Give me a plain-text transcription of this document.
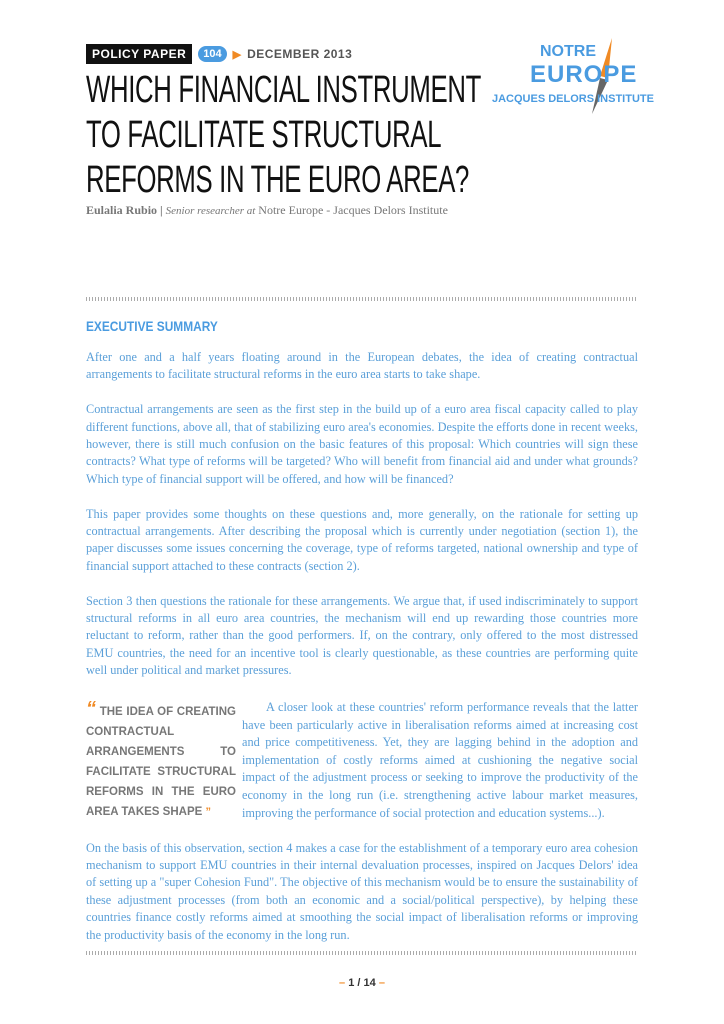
POLICY PAPER	104	▶ DECEMBER 2013
WHICH FINANCIAL INSTRUMENT
TO FACILITATE STRUCTURAL
REFORMS IN THE EURO AREA?
NOTRE
EUROPE
JACQUES DELORS INSTITUTE
Eulalia Rubio | Senior researcher at Notre Europe - Jacques Delors Institute
EXECUTIVE SUMMARY

After one and a half years floating around in the European debates, the idea of creating contractual arrangements to facilitate structural reforms in the euro area starts to take shape.

Contractual arrangements are seen as the first step in the build up of a euro area fiscal capacity called to play different functions, above all, that of stabilizing euro area's economies. Despite the efforts done in recent weeks, however, there is still much confusion on the basic features of this proposal: Which countries will sign these contracts? What type of reforms will be targeted? Who will benefit from financial aid and under what grounds? Which type of financial support will be offered, and how will be financed?

This paper provides some thoughts on these questions and, more generally, on the rationale for setting up contractual arrangements. After describing the proposal which is currently under negotiation (section 1), the paper discusses some issues concerning the coverage, type of reforms targeted, national ownership and type of financial support attached to these contracts (section 2).

Section 3 then questions the rationale for these arrangements. We argue that, if used indiscriminately to support structural reforms in all euro area countries, the mechanism will end up rewarding those countries more reluctant to reform, rather than the good performers. If, on the contrary, only offered to the most distressed EMU countries, the need for an incentive tool is clearly questionable, as these countries are performing quite well under political and market pressures.

“ THE IDEA OF CREATING CONTRACTUAL ARRANGEMENTS TO FACILITATE STRUCTURAL REFORMS IN THE EURO AREA TAKES SHAPE ”
A closer look at these countries' reform performance reveals that the latter have been particularly active in liberalisation reforms aimed at increasing cost and price competitiveness. Yet, they are lagging behind in the adoption and implementation of costly reforms aimed at cushioning the negative social impact of the adjustment process or seeking to improve the productivity of the economy in the long run (i.e. strengthening active labour market measures, improving the performance of social protection and education systems...).

On the basis of this observation, section 4 makes a case for the establishment of a temporary euro area cohesion mechanism to support EMU countries in their internal devaluation processes, inspired on Jacques Delors' idea of setting up a "super Cohesion Fund". The objective of this mechanism would be to ensure the sustainability of these adjustment processes (from both an economic and a social/political perspective), by helping these countries finance costly reforms aimed at smoothing the social impact of liberalisation reforms or improving the productivity basis of the economy in the long run.

– 1 / 14 –
